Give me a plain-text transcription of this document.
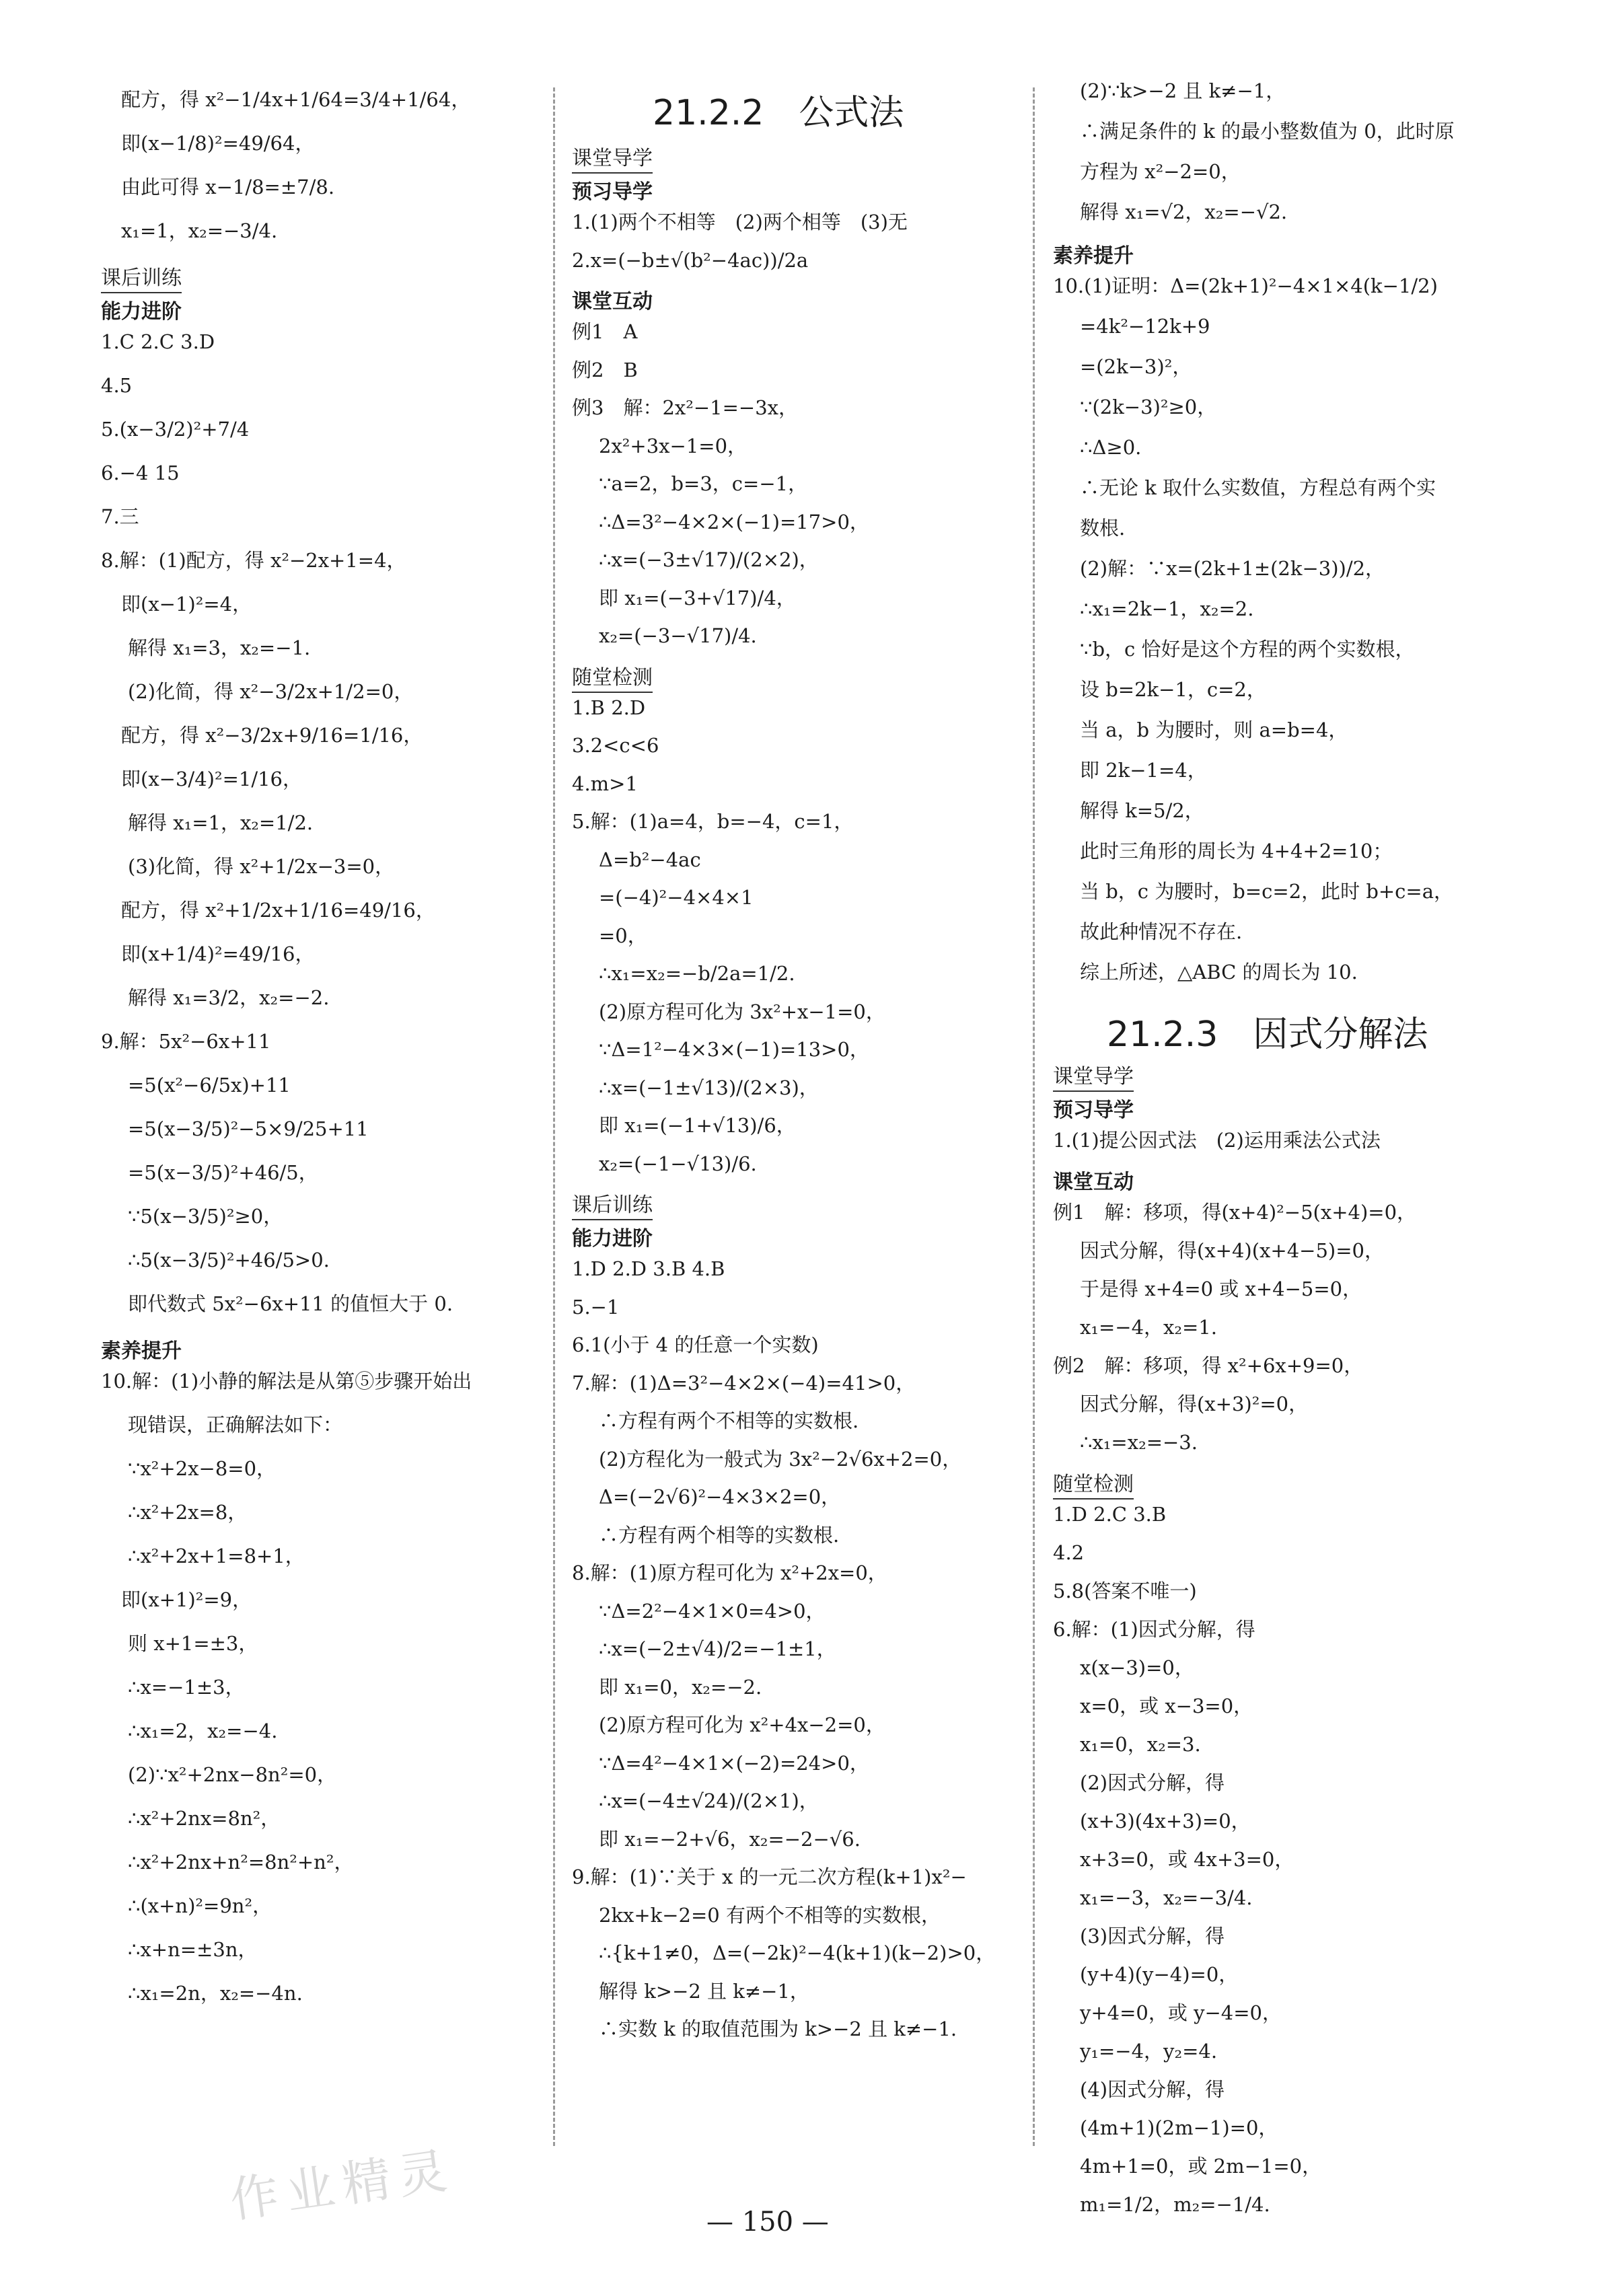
配方，得 x²−1/4x+1/64=3/4+1/64，
即(x−1/8)²=49/64，
由此可得 x−1/8=±7/8.
x₁=1，x₂=−3/4.
课后训练
能力进阶
1.C 2.C 3.D
4.5
5.(x−3/2)²+7/4
6.−4 15
7.三
8.解：(1)配方，得 x²−2x+1=4，
即(x−1)²=4，
解得 x₁=3，x₂=−1.
(2)化简，得 x²−3/2x+1/2=0，
配方，得 x²−3/2x+9/16=1/16，
即(x−3/4)²=1/16，
解得 x₁=1，x₂=1/2.
(3)化简，得 x²+1/2x−3=0，
配方，得 x²+1/2x+1/16=49/16，
即(x+1/4)²=49/16，
解得 x₁=3/2，x₂=−2.
9.解：5x²−6x+11
=5(x²−6/5x)+11
=5(x−3/5)²−5×9/25+11
=5(x−3/5)²+46/5，
∵5(x−3/5)²≥0，
∴5(x−3/5)²+46/5>0.
即代数式 5x²−6x+11 的值恒大于 0.
素养提升
10.解：(1)小静的解法是从第⑤步骤开始出
现错误，正确解法如下：
∵x²+2x−8=0，
∴x²+2x=8，
∴x²+2x+1=8+1，
即(x+1)²=9，
则 x+1=±3，
∴x=−1±3，
∴x₁=2，x₂=−4.
(2)∵x²+2nx−8n²=0，
∴x²+2nx=8n²，
∴x²+2nx+n²=8n²+n²，
∴(x+n)²=9n²，
∴x+n=±3n，
∴x₁=2n，x₂=−4n.
21.2.2　公式法
课堂导学
预习导学
1.(1)两个不相等　(2)两个相等　(3)无
2.x=(−b±√(b²−4ac))/2a
课堂互动
例1　A
例2　B
例3　解：2x²−1=−3x，
2x²+3x−1=0，
∵a=2，b=3，c=−1，
∴Δ=3²−4×2×(−1)=17>0，
∴x=(−3±√17)/(2×2)，
即 x₁=(−3+√17)/4，
x₂=(−3−√17)/4.
随堂检测
1.B 2.D
3.2<c<6
4.m>1
5.解：(1)a=4，b=−4，c=1，
Δ=b²−4ac
=(−4)²−4×4×1
=0，
∴x₁=x₂=−b/2a=1/2.
(2)原方程可化为 3x²+x−1=0，
∵Δ=1²−4×3×(−1)=13>0，
∴x=(−1±√13)/(2×3)，
即 x₁=(−1+√13)/6，
x₂=(−1−√13)/6.
课后训练
能力进阶
1.D 2.D 3.B 4.B
5.−1
6.1(小于 4 的任意一个实数)
7.解：(1)Δ=3²−4×2×(−4)=41>0，
∴方程有两个不相等的实数根.
(2)方程化为一般式为 3x²−2√6x+2=0，
Δ=(−2√6)²−4×3×2=0，
∴方程有两个相等的实数根.
8.解：(1)原方程可化为 x²+2x=0，
∵Δ=2²−4×1×0=4>0，
∴x=(−2±√4)/2=−1±1，
即 x₁=0，x₂=−2.
(2)原方程可化为 x²+4x−2=0，
∵Δ=4²−4×1×(−2)=24>0，
∴x=(−4±√24)/(2×1)，
即 x₁=−2+√6，x₂=−2−√6.
9.解：(1)∵关于 x 的一元二次方程(k+1)x²−
2kx+k−2=0 有两个不相等的实数根，
∴{k+1≠0，Δ=(−2k)²−4(k+1)(k−2)>0，
解得 k>−2 且 k≠−1，
∴实数 k 的取值范围为 k>−2 且 k≠−1.
(2)∵k>−2 且 k≠−1，
∴满足条件的 k 的最小整数值为 0，此时原
方程为 x²−2=0，
解得 x₁=√2，x₂=−√2.
素养提升
10.(1)证明：Δ=(2k+1)²−4×1×4(k−1/2)
=4k²−12k+9
=(2k−3)²，
∵(2k−3)²≥0，
∴Δ≥0.
∴无论 k 取什么实数值，方程总有两个实
数根.
(2)解：∵x=(2k+1±(2k−3))/2，
∴x₁=2k−1，x₂=2.
∵b，c 恰好是这个方程的两个实数根，
设 b=2k−1，c=2，
当 a，b 为腰时，则 a=b=4，
即 2k−1=4，
解得 k=5/2，
此时三角形的周长为 4+4+2=10；
当 b，c 为腰时，b=c=2，此时 b+c=a，
故此种情况不存在.
综上所述，△ABC 的周长为 10.
21.2.3　因式分解法
课堂导学
预习导学
1.(1)提公因式法　(2)运用乘法公式法
课堂互动
例1　解：移项，得(x+4)²−5(x+4)=0，
因式分解，得(x+4)(x+4−5)=0，
于是得 x+4=0 或 x+4−5=0，
x₁=−4，x₂=1.
例2　解：移项，得 x²+6x+9=0，
因式分解，得(x+3)²=0，
∴x₁=x₂=−3.
随堂检测
1.D 2.C 3.B
4.2
5.8(答案不唯一)
6.解：(1)因式分解，得
x(x−3)=0，
x=0，或 x−3=0，
x₁=0，x₂=3.
(2)因式分解，得
(x+3)(4x+3)=0，
x+3=0，或 4x+3=0，
x₁=−3，x₂=−3/4.
(3)因式分解，得
(y+4)(y−4)=0，
y+4=0，或 y−4=0，
y₁=−4，y₂=4.
(4)因式分解，得
(4m+1)(2m−1)=0，
4m+1=0，或 2m−1=0，
m₁=1/2，m₂=−1/4.
作业精灵	— 150 —
